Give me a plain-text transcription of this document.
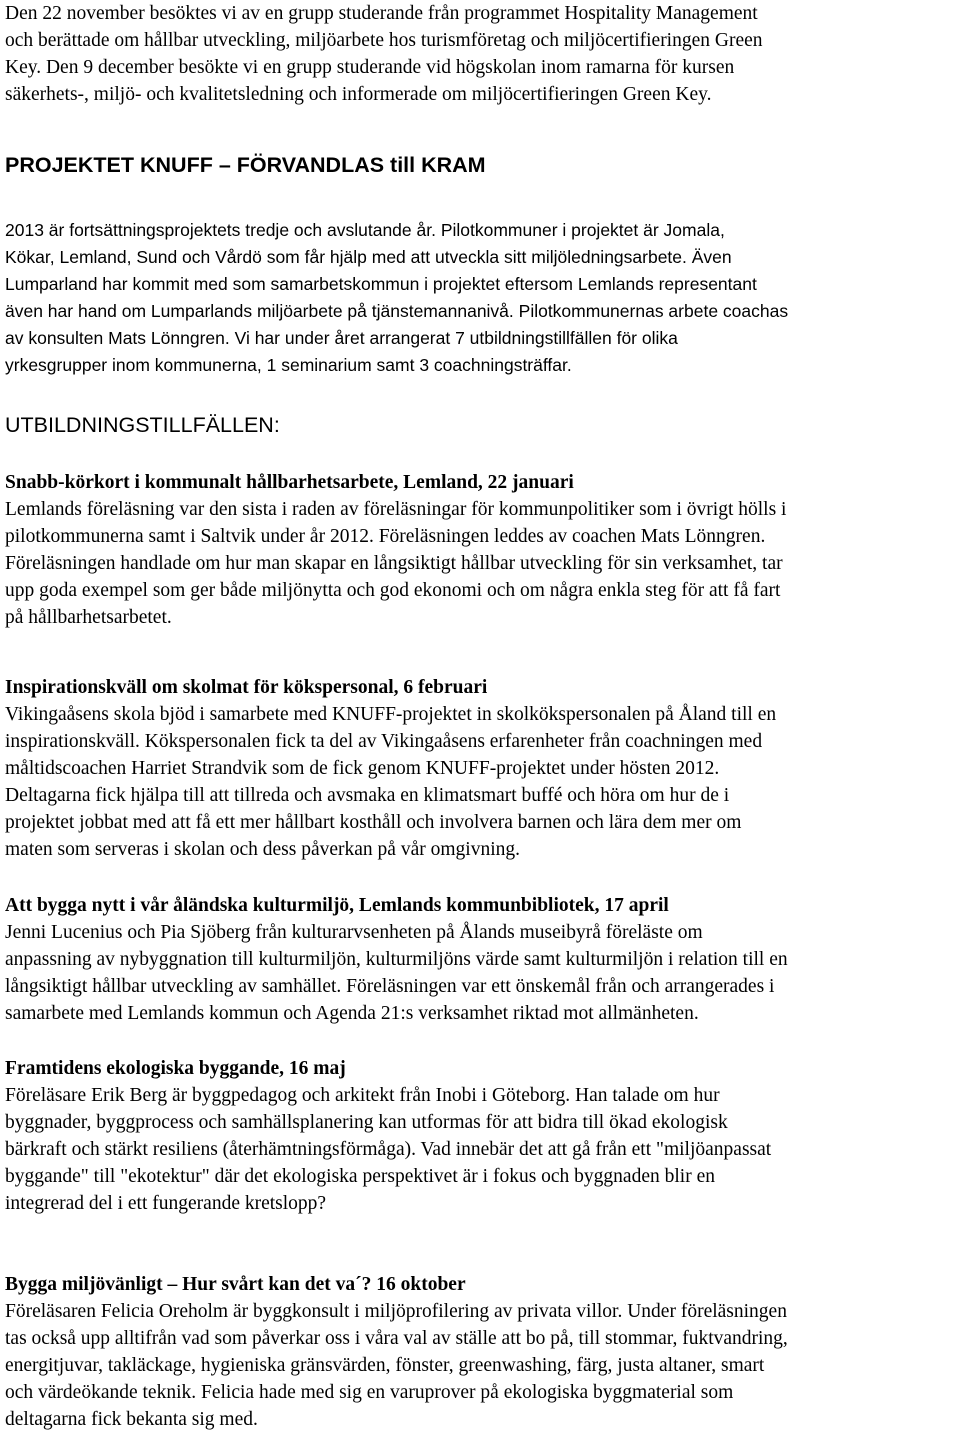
Den 22 november besöktes vi av en grupp studerande från programmet Hospitality Management
och berättade om hållbar utveckling, miljöarbete hos turismföretag och miljöcertifieringen Green
Key. Den 9 december besökte vi en grupp studerande vid högskolan inom ramarna för kursen
säkerhets-, miljö- och kvalitetsledning och informerade om miljöcertifieringen Green Key.
PROJEKTET KNUFF – FÖRVANDLAS till KRAM
2013 är fortsättningsprojektets tredje och avslutande år. Pilotkommuner i projektet är Jomala,
Kökar, Lemland, Sund och Vårdö som får hjälp med att utveckla sitt miljöledningsarbete. Även
Lumparland har kommit med som samarbetskommun i projektet eftersom Lemlands representant
även har hand om Lumparlands miljöarbete på tjänstemannanivå. Pilotkommunernas arbete coachas
av konsulten Mats Lönngren. Vi har under året arrangerat 7 utbildningstillfällen för olika
yrkesgrupper inom kommunerna, 1 seminarium samt 3 coachningsträffar.
UTBILDNINGSTILLFÄLLEN:
Snabb-körkort i kommunalt hållbarhetsarbete, Lemland, 22 januari
Lemlands föreläsning var den sista i raden av föreläsningar för kommunpolitiker som i övrigt hölls i
pilotkommunerna samt i Saltvik under år 2012. Föreläsningen leddes av coachen Mats Lönngren.
Föreläsningen handlade om hur man skapar en långsiktigt hållbar utveckling för sin verksamhet, tar
upp goda exempel som ger både miljönytta och god ekonomi och om några enkla steg för att få fart
på hållbarhetsarbetet.
Inspirationskväll om skolmat för kökspersonal, 6 februari
Vikingaåsens skola bjöd i samarbete med KNUFF-projektet in skolkökspersonalen på Åland till en
inspirationskväll. Kökspersonalen fick ta del av Vikingaåsens erfarenheter från coachningen med
måltidscoachen Harriet Strandvik som de fick genom KNUFF-projektet under hösten 2012.
Deltagarna fick hjälpa till att tillreda och avsmaka en klimatsmart buffé och höra om hur de i
projektet jobbat med att få ett mer hållbart kosthåll och involvera barnen och lära dem mer om
maten som serveras i skolan och dess påverkan på vår omgivning.
Att bygga nytt i vår åländska kulturmiljö, Lemlands kommunbibliotek, 17 april
Jenni Lucenius och Pia Sjöberg från kulturarvsenheten på Ålands museibyrå föreläste om
anpassning av nybyggnation till kulturmiljön, kulturmiljöns värde samt kulturmiljön i relation till en
långsiktigt hållbar utveckling av samhället. Föreläsningen var ett önskemål från och arrangerades i
samarbete med Lemlands kommun och Agenda 21:s verksamhet riktad mot allmänheten.
Framtidens ekologiska byggande, 16 maj
Föreläsare Erik Berg är byggpedagog och arkitekt från Inobi i Göteborg. Han talade om hur
byggnader, byggprocess och samhällsplanering kan utformas för att bidra till ökad ekologisk
bärkraft och stärkt resiliens (återhämtningsförmåga). Vad innebär det att gå från ett "miljöanpassat
byggande" till "ekotektur" där det ekologiska perspektivet är i fokus och byggnaden blir en
integrerad del i ett fungerande kretslopp?
Bygga miljövänligt – Hur svårt kan det va´? 16 oktober
Föreläsaren Felicia Oreholm är byggkonsult i miljöprofilering av privata villor. Under föreläsningen
tas också upp alltifrån vad som påverkar oss i våra val av ställe att bo på, till stommar, fuktvandring,
energitjuvar, takläckage, hygieniska gränsvärden, fönster, greenwashing, färg, justa altaner, smart
och värdeökande teknik. Felicia hade med sig en varuprover på ekologiska byggmaterial som
deltagarna fick bekanta sig med.
